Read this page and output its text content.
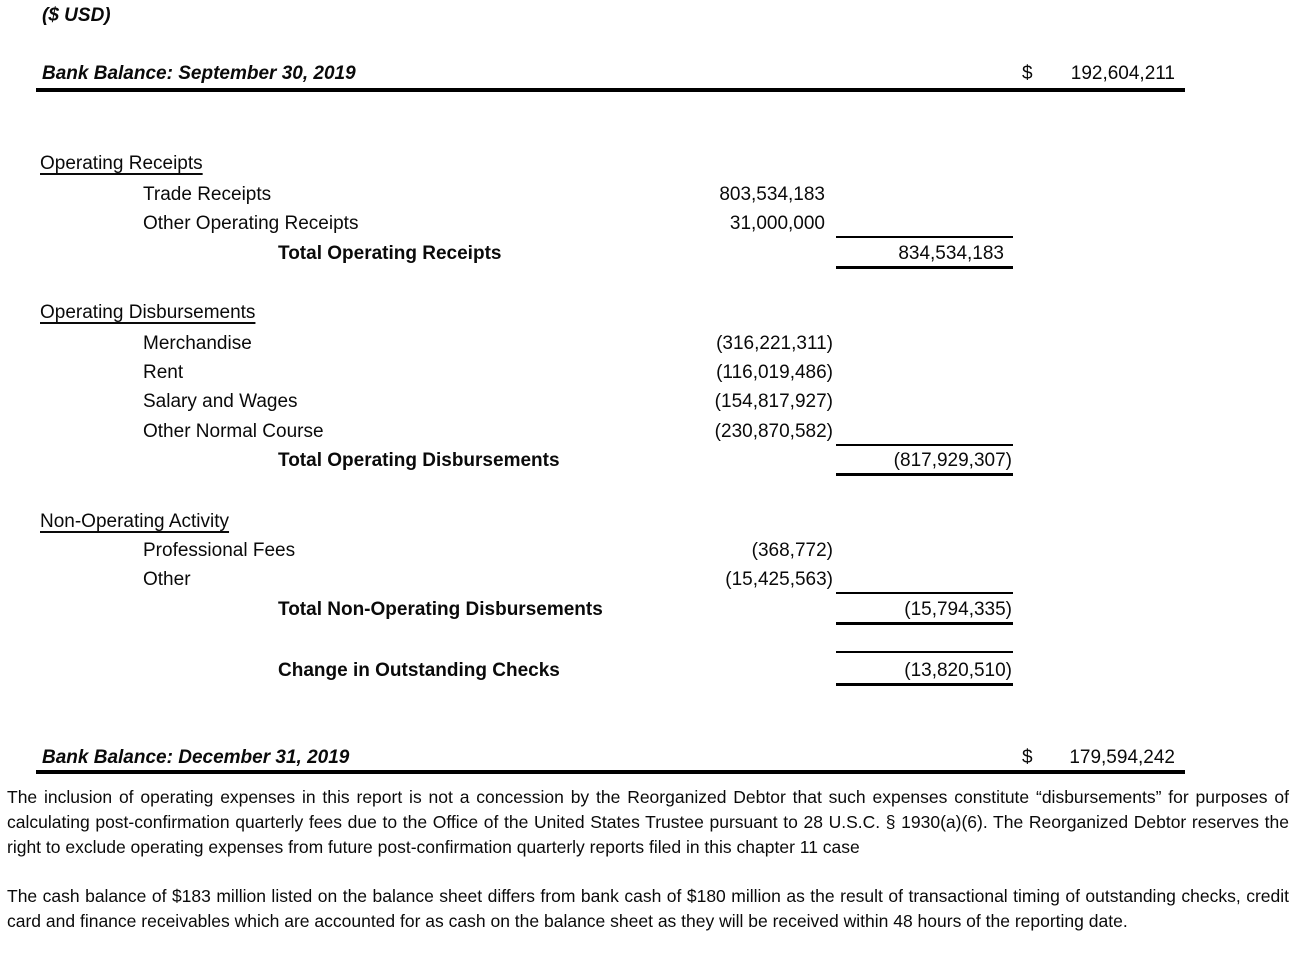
($ USD)
Bank Balance: September 30, 2019	$	192,604,211
Operating Receipts
Trade Receipts	803,534,183
Other Operating Receipts	31,000,000
Total Operating Receipts	834,534,183
Operating Disbursements
Merchandise	(316,221,311)
Rent	(116,019,486)
Salary and Wages	(154,817,927)
Other Normal Course	(230,870,582)
Total Operating Disbursements	(817,929,307)
Non-Operating Activity
Professional Fees	(368,772)
Other	(15,425,563)
Total Non-Operating Disbursements	(15,794,335)
Change in Outstanding Checks	(13,820,510)
Bank Balance: December 31, 2019	$	179,594,242
The inclusion of operating expenses in this report is not a concession by the Reorganized Debtor that such expenses constitute “disbursements” for purposes of calculating post-confirmation quarterly fees due to the Office of the United States Trustee pursuant to 28 U.S.C. § 1930(a)(6). The Reorganized Debtor reserves the right to exclude operating expenses from future post-confirmation quarterly reports filed in this chapter 11 case
The cash balance of $183 million listed on the balance sheet differs from bank cash of $180 million as the result of transactional timing of outstanding checks, credit card and finance receivables which are accounted for as cash on the balance sheet as they will be received within 48 hours of the reporting date.
